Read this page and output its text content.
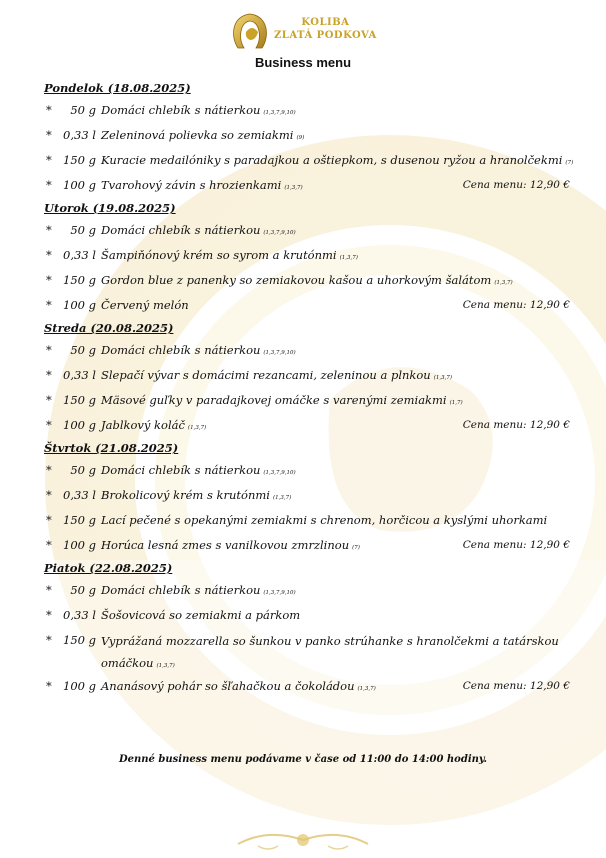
KOLIBA
ZLATÁ PODKOVA
Business menu
Pondelok (18.08.2025)
*	50 g Domáci chlebík s nátierkou (1,3,7,9,10)
* 0,33 l Zeleninová polievka so zemiakmi (9)
* 150 g Kuracie medailóniky s paradajkou a oštiepkom, s dusenou ryžou a hranolčekmi (7)
* 100 g Tvarohový závin s hrozienkami (1,3,7)	Cena menu: 12,90 €
Utorok (19.08.2025)
*	50 g Domáci chlebík s nátierkou (1,3,7,9,10)
* 0,33 l Šampiňónový krém so syrom a krutónmi (1,3,7)
* 150 g Gordon blue z panenky so zemiakovou kašou a uhorkovým šalátom (1,3,7)
* 100 g Červený melón	Cena menu: 12,90 €
Streda (20.08.2025)
*	50 g Domáci chlebík s nátierkou (1,3,7,9,10)
* 0,33 l Slepačí vývar s domácimi rezancami, zeleninou a plnkou (1,3,7)
* 150 g Mäsové guľky v paradajkovej omáčke s varenými zemiakmi (1,7)
* 100 g Jablkový koláč (1,3,7)	Cena menu: 12,90 €
Štvrtok (21.08.2025)
*	50 g Domáci chlebík s nátierkou (1,3,7,9,10)
* 0,33 l Brokolicový krém s krutónmi (1,3,7)
* 150 g Lací pečené s opekanými zemiakmi s chrenom, horčicou a kyslými uhorkami
* 100 g Horúca lesná zmes s vanilkovou zmrzlinou (7)	Cena menu: 12,90 €
Piatok (22.08.2025)
*	50 g Domáci chlebík s nátierkou (1,3,7,9,10)
* 0,33 l Šošovicová so zemiakmi a párkom
* 150 g Vyprážaná mozzarella so šunkou v panko strúhanke s hranolčekmi a tatárskou omáčkou (1,3,7)
* 100 g Ananásový pohár so šľahačkou a čokoládou (1,3,7)	Cena menu: 12,90 €
Denné business menu podávame v čase od 11:00 do 14:00 hodiny.
